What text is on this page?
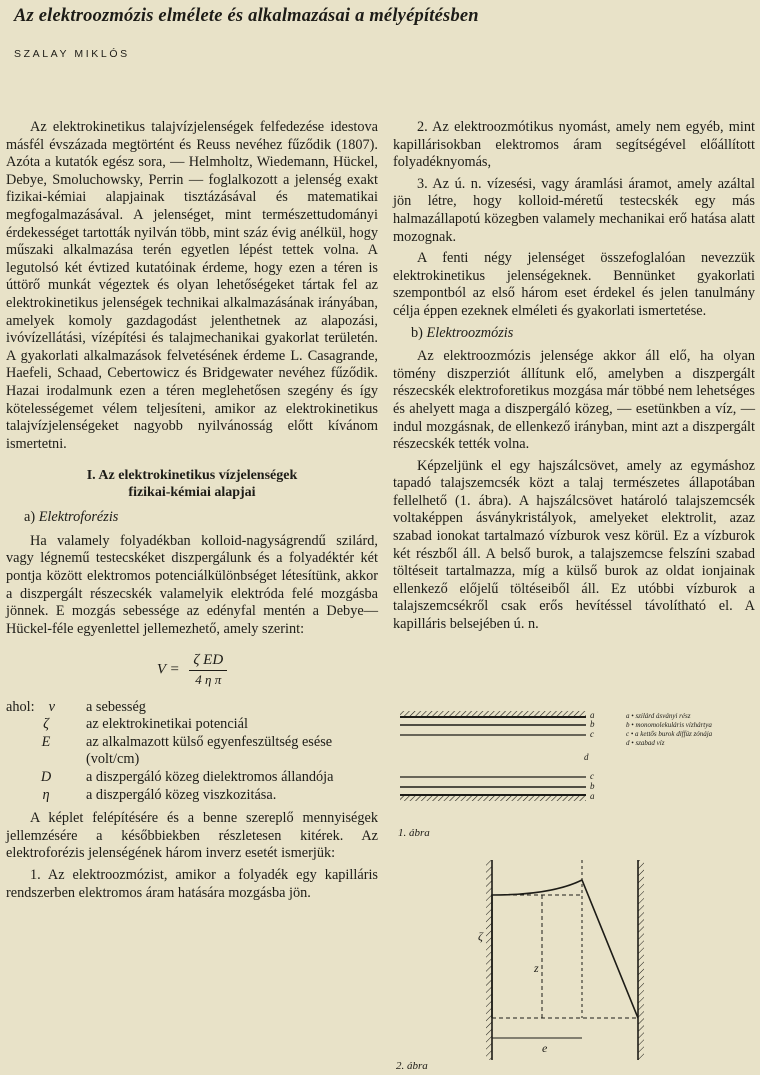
Az elektroozmózis elmélete és alkalmazásai a mélyépítésben
SZALAY MIKLÓS

Az elektrokinetikus talajvízjelenségek felfedezése idestova másfél évszázada megtörtént és Reuss nevéhez fűződik (1807). Azóta a kutatók egész sora, — Helmholtz, Wiedemann, Hückel, Debye, Smoluchowsky, Perrin — foglalkozott a jelenség exakt fizikai-kémiai alapjainak tisztázásával és matematikai megfogalmazásával. A jelenséget, mint természettudományi érdekességet tartották nyilván több, mint száz évig anélkül, hogy műszaki alkalmazása terén egyetlen lépést tettek volna. A legutolsó két évtized kutatóinak érdeme, hogy ezen a téren is úttörő munkát végeztek és olyan lehetőségeket tártak fel az elektrokinetikus jelenségek technikai alkalmazásának irányában, amelyek komoly gazdagodást jelenthetnek az alapozási, ivóvízellátási, vízépítési és talajmechanikai gyakorlat területén. A gyakorlati alkalmazások felvetésének érdeme L. Casagrande, Haefeli, Schaad, Cebertowicz és Bridgewater nevéhez fűződik. Hazai irodalmunk ezen a téren meglehetősen szegény és így kötelességemet vélem teljesíteni, amikor az elektrokinetikus talajvízjelenségeket nagyobb nyilvánosság előtt kívánom ismertetni.

I. Az elektrokinetikus vízjelenségek
fizikai-kémiai alapjai
a) Elektroforézis

Ha valamely folyadékban kolloid-nagyságrendű szilárd, vagy légnemű testecskéket diszpergálunk és a folyadéktér két pontja között elektromos potenciálkülönbséget létesítünk, akkor a diszpergált részecskék valamelyik elektróda felé mozgásba jönnek. E mozgás sebessége az edényfal mentén a Debye—Hückel-féle egyenlettel jellemezhető, amely szerint:

$V = \frac{\text{ζ ED}}{\text{4 η π}}$
ahol: v	a sebesség
ζ	az elektrokinetikai potenciál
E	az alkalmazott külső egyenfeszültség esése (volt/cm)
D	a diszpergáló közeg dielektromos állandója
η	a diszpergáló közeg viszkozitása.

A képlet felépítésére és a benne szereplő mennyiségek jellemzésére a későbbiekben részletesen kitérek. Az elektroforézis jelenségének három inverz esetét ismerjük:

1. Az elektroozmózist, amikor a folyadék egy kapilláris rendszerben elektromos áram hatására mozgásba jön.

2. Az elektroozmótikus nyomást, amely nem egyéb, mint kapillárisokban elektromos áram segítségével előállított folyadéknyomás,

3. Az ú. n. vízesési, vagy áramlási áramot, amely azáltal jön létre, hogy kolloid-méretű testecskék egy más halmazállapotú közegben valamely mechanikai erő hatása alatt mozognak.

A fenti négy jelenséget összefoglalóan nevezzük elektrokinetikus jelenségeknek. Bennünket gyakorlati szempontból az első három eset érdekel és jelen tanulmány célja éppen ezeknek elméleti és gyakorlati ismertetése.

b) Elektroozmózis

Az elektroozmózis jelensége akkor áll elő, ha olyan tömény diszperziót állítunk elő, amelyben a diszpergált részecskék elektroforetikus mozgása már többé nem lehetséges és ahelyett maga a diszpergáló közeg, — esetünkben a víz, — indul mozgásnak, de ellenkező irányban, mint azt a diszpergált részecskék tették volna.

Képzeljünk el egy hajszálcsövet, amely az egymáshoz tapadó talajszemcsék közt a talaj természetes állapotában fellelhető (1. ábra). A hajszálcsövet határoló talajszemcsék voltaképpen ásványkristályok, amelyeket elektrolit, azaz szabad ionokat tartalmazó vízburok vesz körül. Ez a vízburok két részből áll. A belső burok, a talajszemcse felszíni szabad töltéseit tartalmazza, míg a külső burok az oldat ionjainak ellenkező előjelű töltéseiből áll. Ez utóbbi vízburok a talajszemcsékről csak erős hevítéssel távolítható el. A kapilláris belsejében ú. n.

a
b
c
d
c
b
a
a • szilárd ásványi rész
b • monomolekuláris vízhártya
c • a kettős burok diffúz zónája
d • szabad víz
1. ábra
ζ
z
e
2. ábra
